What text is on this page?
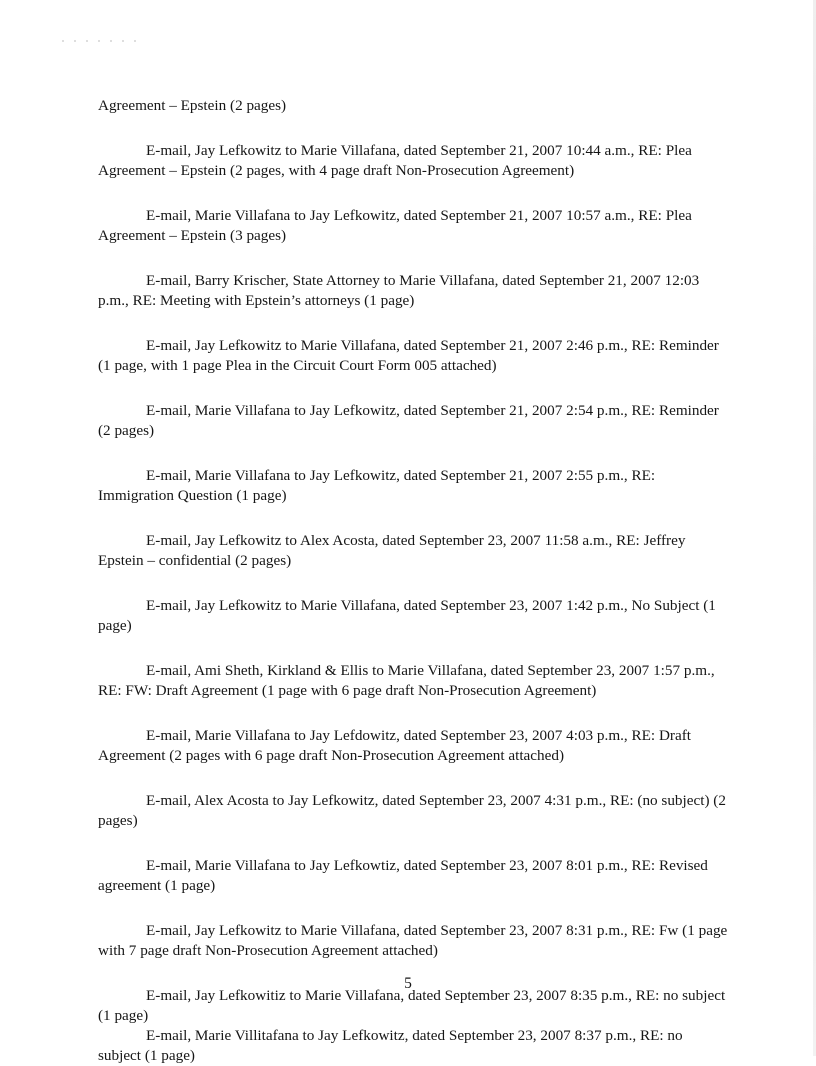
Agreement – Epstein (2 pages)

E-mail, Jay Lefkowitz to Marie Villafana, dated September 21, 2007 10:44 a.m., RE: Plea Agreement – Epstein (2 pages, with 4 page draft Non-Prosecution Agreement)

E-mail, Marie Villafana to Jay Lefkowitz, dated September 21, 2007 10:57 a.m., RE: Plea Agreement – Epstein (3 pages)

E-mail, Barry Krischer, State Attorney to Marie Villafana, dated September 21, 2007 12:03 p.m., RE: Meeting with Epstein’s attorneys (1 page)

E-mail, Jay Lefkowitz to Marie Villafana, dated September 21, 2007 2:46 p.m., RE: Reminder (1 page, with 1 page Plea in the Circuit Court Form 005 attached)

E-mail, Marie Villafana to Jay Lefkowitz, dated September 21, 2007 2:54 p.m., RE: Reminder (2 pages)

E-mail, Marie Villafana to Jay Lefkowitz, dated September 21, 2007 2:55 p.m., RE: Immigration Question (1 page)

E-mail, Jay Lefkowitz to Alex Acosta, dated September 23, 2007 11:58 a.m., RE: Jeffrey Epstein – confidential (2 pages)

E-mail, Jay Lefkowitz to Marie Villafana, dated September 23, 2007 1:42 p.m., No Subject (1 page)

E-mail, Ami Sheth, Kirkland & Ellis to Marie Villafana, dated September 23, 2007 1:57 p.m., RE: FW: Draft Agreement (1 page with 6 page draft Non-Prosecution Agreement)

E-mail, Marie Villafana to Jay Lefdowitz, dated September 23, 2007 4:03 p.m., RE: Draft Agreement (2 pages with 6 page draft Non-Prosecution Agreement attached)

E-mail, Alex Acosta to Jay Lefkowitz, dated September 23, 2007 4:31 p.m., RE: (no subject) (2 pages)

E-mail, Marie Villafana to Jay Lefkowtiz, dated September 23, 2007 8:01 p.m., RE: Revised agreement (1 page)

E-mail, Jay Lefkowitz to Marie Villafana, dated September 23, 2007 8:31 p.m., RE: Fw (1 page with 7 page draft Non-Prosecution Agreement attached)

E-mail, Jay Lefkowitiz to Marie Villafana, dated September 23, 2007 8:35 p.m., RE: no subject (1 page)

E-mail, Marie Villitafana to Jay Lefkowitz, dated September 23, 2007 8:37 p.m., RE: no subject (1 page)

5
